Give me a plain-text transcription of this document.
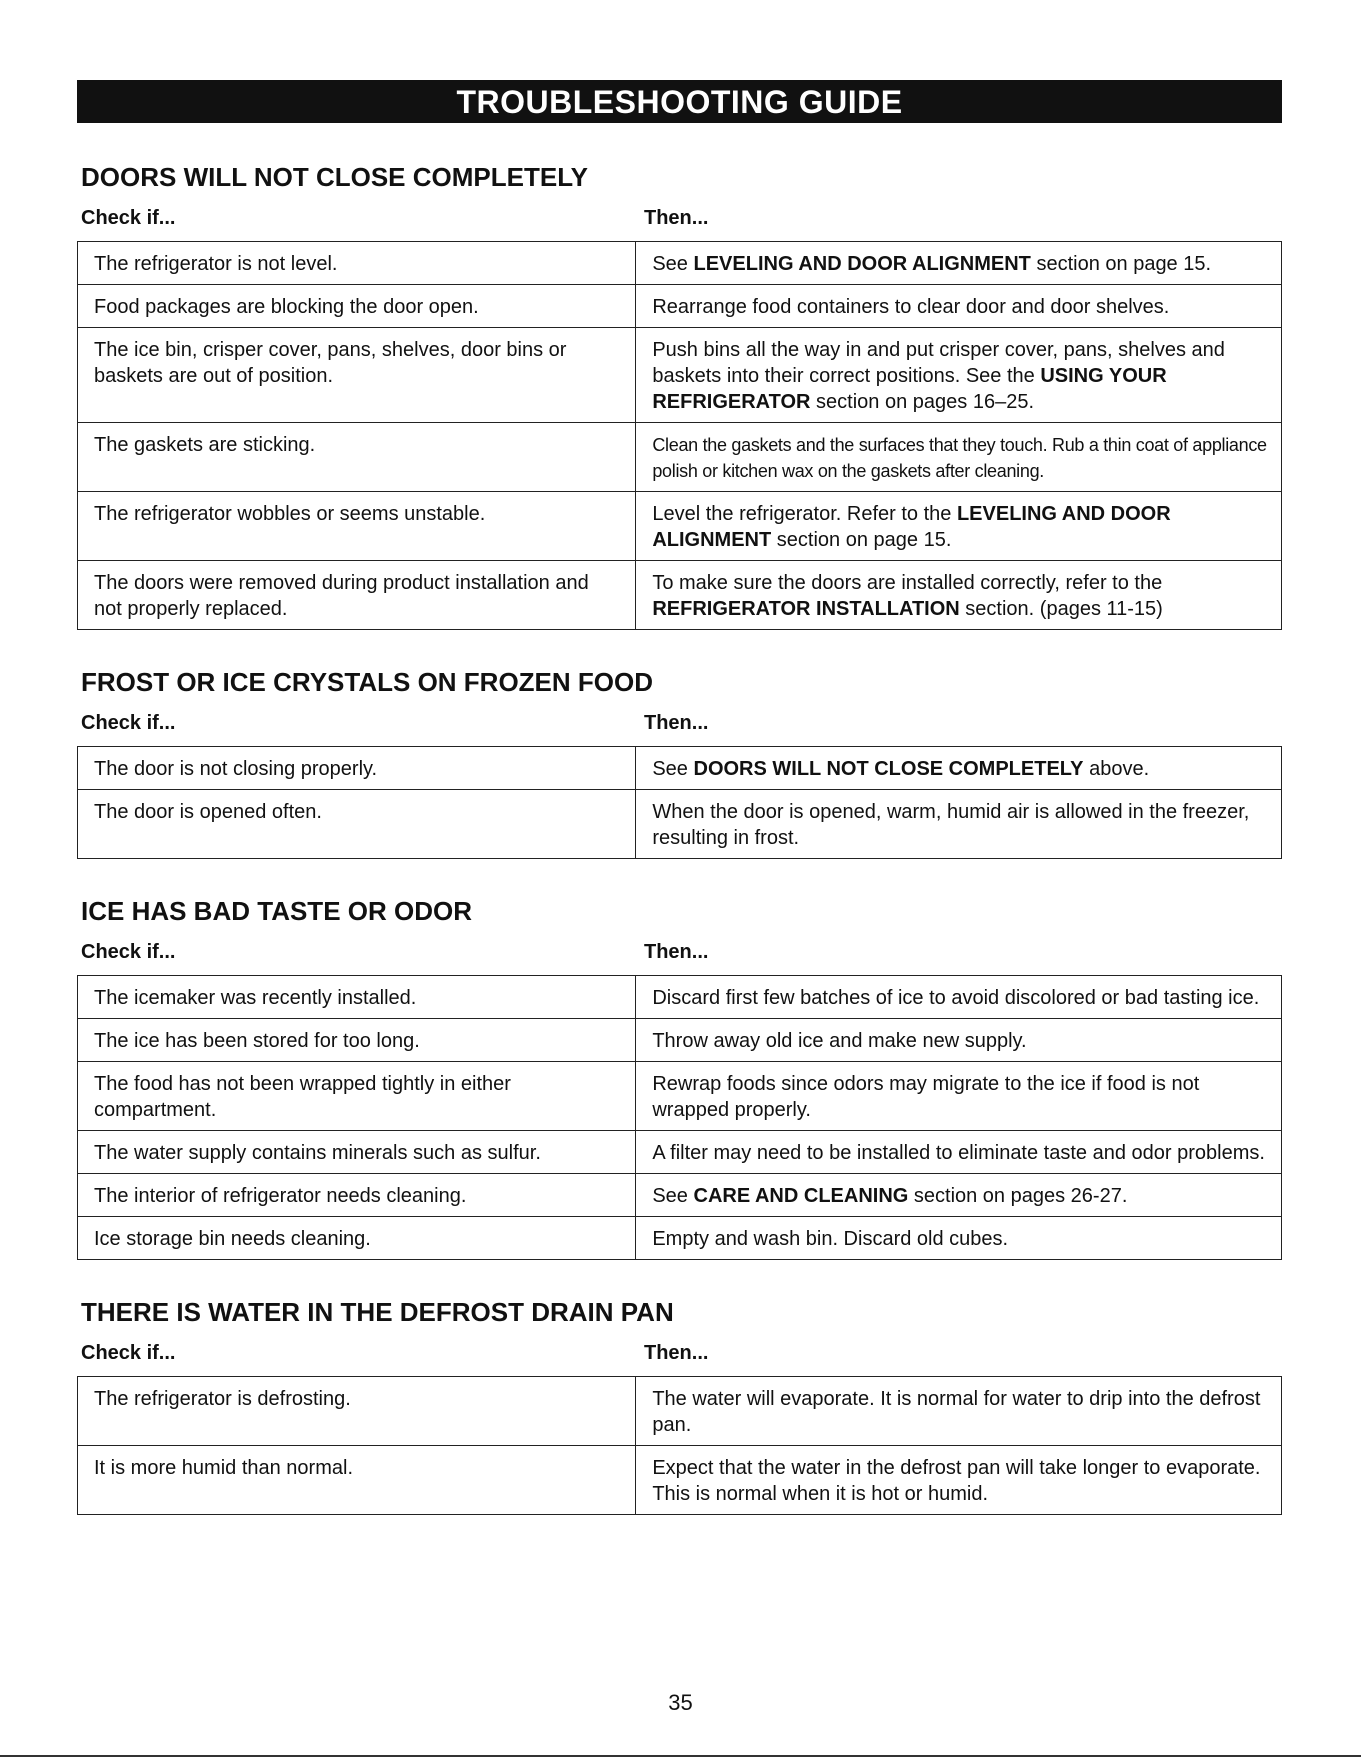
TROUBLESHOOTING GUIDE
DOORS WILL NOT CLOSE COMPLETELY
Check if...	Then...
The refrigerator is not level.	See LEVELING AND DOOR ALIGNMENT section on page 15.
Food packages are blocking the door open.	Rearrange food containers to clear door and door shelves.
The ice bin, crisper cover, pans, shelves, door bins or baskets are out of position.	Push bins all the way in and put crisper cover, pans, shelves and baskets into their correct positions. See the USING YOUR REFRIGERATOR section on pages 16–25.
The gaskets are sticking.	Clean the gaskets and the surfaces that they touch. Rub a thin coat of appliance polish or kitchen wax on the gaskets after cleaning.
The refrigerator wobbles or seems unstable.	Level the refrigerator. Refer to the LEVELING AND DOOR ALIGNMENT section on page 15.
The doors were removed during product installation and not properly replaced.	To make sure the doors are installed correctly, refer to the REFRIGERATOR INSTALLATION section. (pages 11-15)
FROST OR ICE CRYSTALS ON FROZEN FOOD
Check if...	Then...
The door is not closing properly.	See DOORS WILL NOT CLOSE COMPLETELY above.
The door is opened often.	When the door is opened, warm, humid air is allowed in the freezer, resulting in frost.
ICE HAS BAD TASTE OR ODOR
Check if...	Then...
The icemaker was recently installed.	Discard first few batches of ice to avoid discolored or bad tasting ice.
The ice has been stored for too long.	Throw away old ice and make new supply.
The food has not been wrapped tightly in either compartment.	Rewrap foods since odors may migrate to the ice if food is not wrapped properly.
The water supply contains minerals such as sulfur.	A filter may need to be installed to eliminate taste and odor problems.
The interior of refrigerator needs cleaning.	See CARE AND CLEANING section on pages 26-27.
Ice storage bin needs cleaning.	Empty and wash bin. Discard old cubes.
THERE IS WATER IN THE DEFROST DRAIN PAN
Check if...	Then...
The refrigerator is defrosting.	The water will evaporate. It is normal for water to drip into the defrost pan.
It is more humid than normal.	Expect that the water in the defrost pan will take longer to evaporate. This is normal when it is hot or humid.
35
